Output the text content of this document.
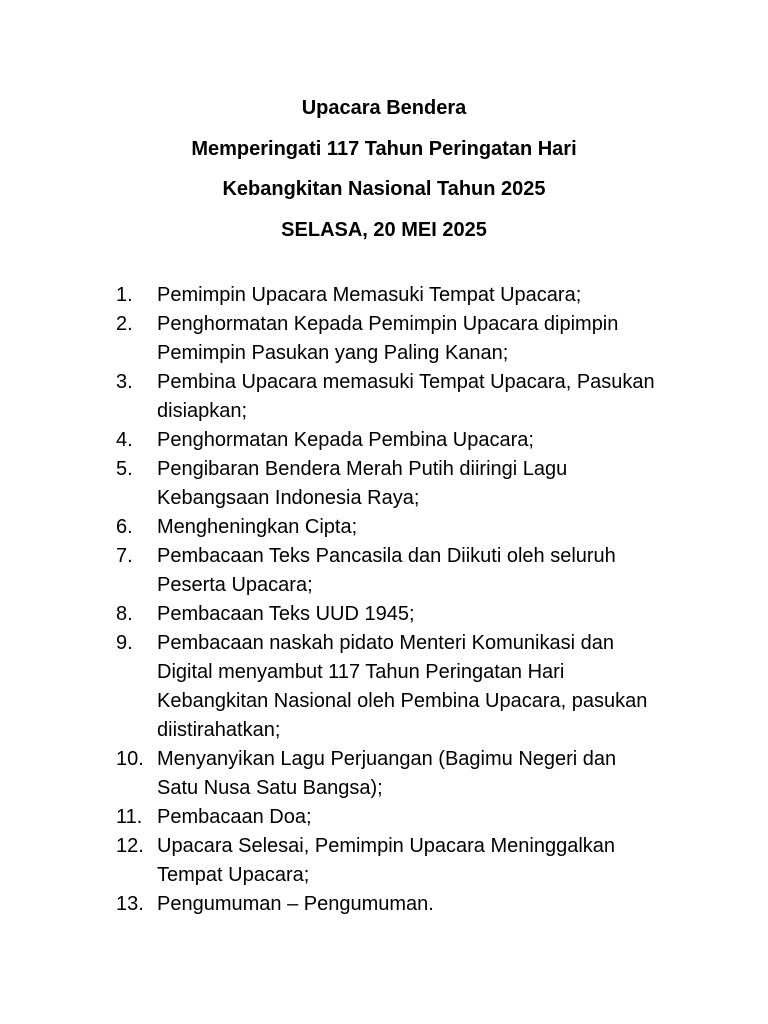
Upacara Bendera
Memperingati 117 Tahun Peringatan Hari
Kebangkitan Nasional Tahun 2025
SELASA, 20 MEI 2025
1. Pemimpin Upacara Memasuki Tempat Upacara;
2. Penghormatan Kepada Pemimpin Upacara dipimpin
Pemimpin Pasukan yang Paling Kanan;
3. Pembina Upacara memasuki Tempat Upacara, Pasukan
disiapkan;
4. Penghormatan Kepada Pembina Upacara;
5. Pengibaran Bendera Merah Putih diiringi Lagu
Kebangsaan Indonesia Raya;
6. Mengheningkan Cipta;
7. Pembacaan Teks Pancasila dan Diikuti oleh seluruh
Peserta Upacara;
8. Pembacaan Teks UUD 1945;
9. Pembacaan naskah pidato Menteri Komunikasi dan
Digital menyambut 117 Tahun Peringatan Hari
Kebangkitan Nasional oleh Pembina Upacara, pasukan
diistirahatkan;
10. Menyanyikan Lagu Perjuangan (Bagimu Negeri dan
Satu Nusa Satu Bangsa);
11. Pembacaan Doa;
12. Upacara Selesai, Pemimpin Upacara Meninggalkan
Tempat Upacara;
13. Pengumuman – Pengumuman.
